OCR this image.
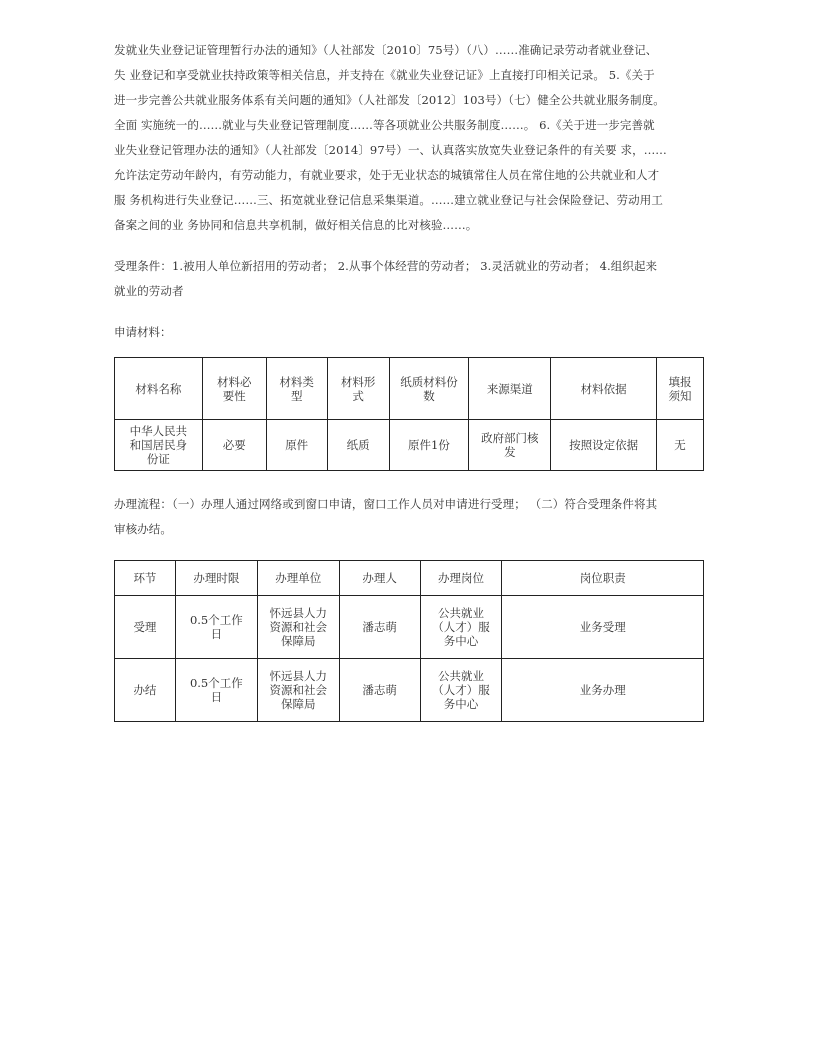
发就业失业登记证管理暂行办法的通知》（人社部发〔2010〕75号）（八）……准确记录劳动者就业登记、
失 业登记和享受就业扶持政策等相关信息，并支持在《就业失业登记证》上直接打印相关记录。 5.《关于
进一步完善公共就业服务体系有关问题的通知》（人社部发〔2012〕103号）（七）健全公共就业服务制度。
全面 实施统一的……就业与失业登记管理制度……等各项就业公共服务制度……。 6.《关于进一步完善就
业失业登记管理办法的通知》（人社部发〔2014〕97号）一、认真落实放宽失业登记条件的有关要 求，……
允许法定劳动年龄内，有劳动能力，有就业要求，处于无业状态的城镇常住人员在常住地的公共就业和人才
服 务机构进行失业登记……三、拓宽就业登记信息采集渠道。……建立就业登记与社会保险登记、劳动用工
备案之间的业 务协同和信息共享机制，做好相关信息的比对核验……。

受理条件：1.被用人单位新招用的劳动者； 2.从事个体经营的劳动者； 3.灵活就业的劳动者； 4.组织起来
就业的劳动者

申请材料：

材料名称	材料必要性	材料类型	材料形式	纸质材料份数	来源渠道	材料依据	填报须知
中华人民共和国居民身份证	必要	原件	纸质	原件1份	政府部门核发	按照设定依据	无

办理流程：（一）办理人通过网络或到窗口申请，窗口工作人员对申请进行受理； （二）符合受理条件将其
审核办结。

环节	办理时限	办理单位	办理人	办理岗位	岗位职责
受理	0.5个工作日	怀远县人力资源和社会保障局	潘志萌	公共就业（人才）服务中心	业务受理
办结	0.5个工作日	怀远县人力资源和社会保障局	潘志萌	公共就业（人才）服务中心	业务办理
